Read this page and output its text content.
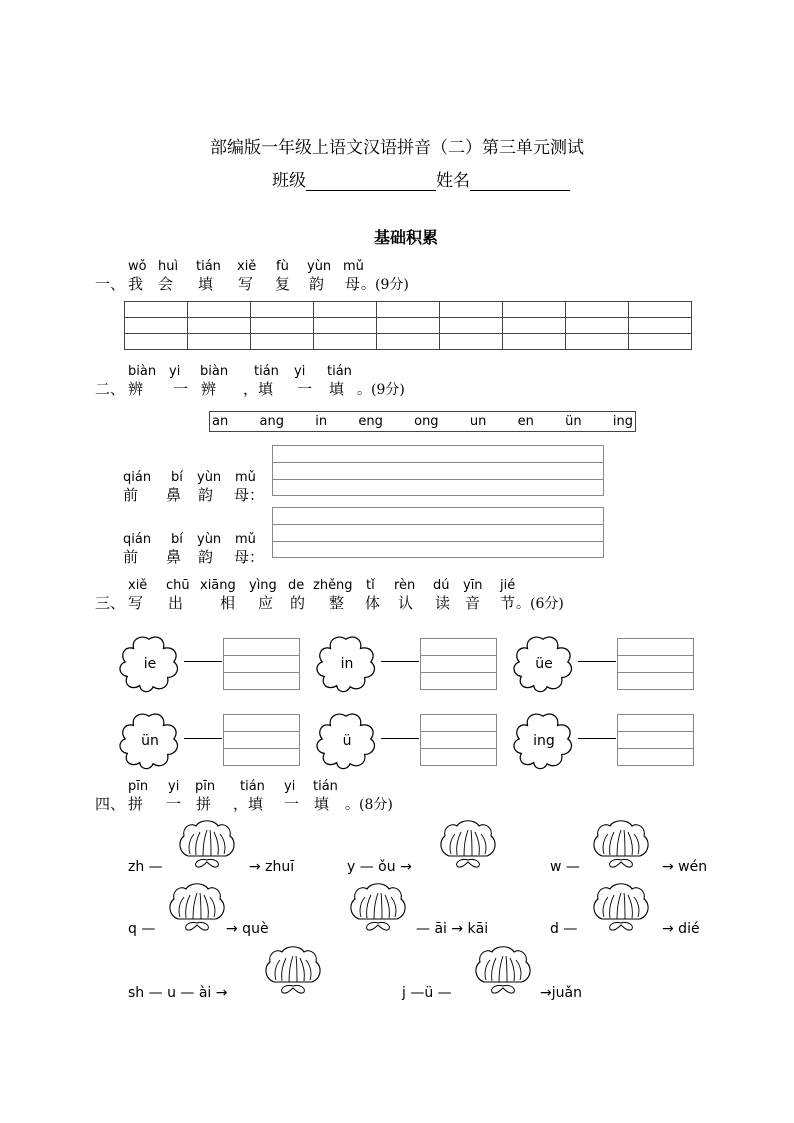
部编版一年级上语文汉语拼音（二）第三单元测试
班级	姓名
基础积累
wǒ huì tián xiě fù yùn mǔ
一、 我 会 填 写 复 韵 母 。(9分)

biàn yi biàn tián yi tián
二、 辨 一 辨 ，填 一 填 。(9分)
an ang in eng ong un en ün ing
qián bí yùn mǔ
前 鼻 韵 母：
qián bí yùn mǔ
前 鼻 韵 母：
xiě chū xiāng yìng de zhěng tǐ rèn dú yīn jié
三、 写 出 相 应 的 整 体 认 读 音 节 。(6分)
ie	in	üe
ün	ü	ing
pīn yi pīn tián yi tián
四、 拼 一 拼 ，填 一 填 。(8分)
zh —	→ zhuī	y — ǒu →	w —	→ wén
q —	→ què	— āi → kāi	d —	→ dié
sh — u — ài →	j —ü —	→juǎn
